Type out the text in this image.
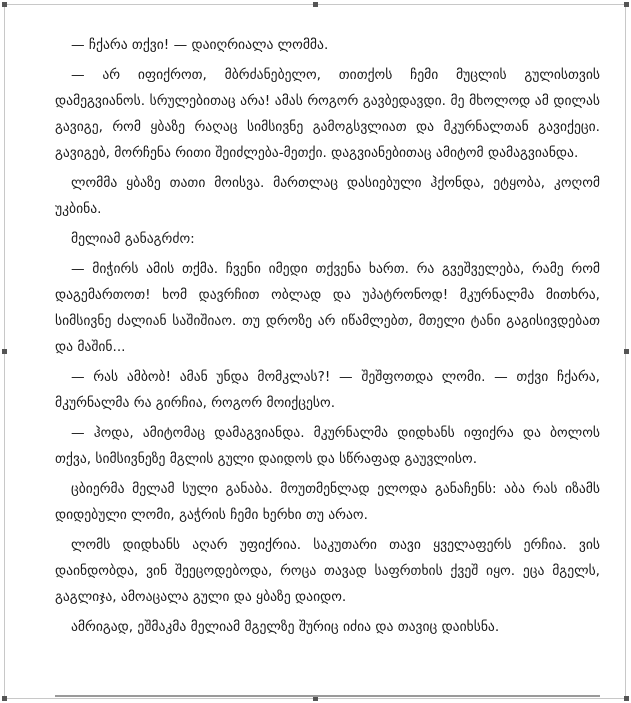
— ჩქარა თქვი! — დაიღრიალა ლომმა.

— არ იფიქროთ, მბრძანებელო, თითქოს ჩემი მუცლის გულისთვის დამეგვიანოს. სრულებითაც არა! ამას როგორ გავბედავდი. მე მხოლოდ ამ დილას გავიგე, რომ ყბაზე რაღაც სიმსივნე გამოგსვლიათ და მკურნალთან გავიქეცი. გავიგებ, მორჩენა რითი შეიძლება-მეთქი. დაგვიანებითაც ამიტომ დამაგვიანდა.

ლომმა ყბაზე თათი მოისვა. მართლაც დასიებული ჰქონდა, ეტყობა, კოღომ უკბინა.

მელიამ განაგრძო:

— მიჭირს ამის თქმა. ჩვენი იმედი თქვენა ხართ. რა გვეშველება, რამე რომ დაგემართოთ! ხომ დავრჩით ობლად და უპატრონოდ! მკურნალმა მითხრა, სიმსივნე ძალიან საშიშიაო. თუ დროზე არ იწამლებთ, მთელი ტანი გაგისივდებათ და მაშინ...

— რას ამბობ! ამან უნდა მომკლას?! — შეშფოთდა ლომი. — თქვი ჩქარა, მკურნალმა რა გირჩია, როგორ მოიქცესო.

— ჰოდა, ამიტომაც დამაგვიანდა. მკურნალმა დიდხანს იფიქრა და ბოლოს თქვა, სიმსივნეზე მგლის გული დაიდოს და სწრაფად გაუვლისო.

ცბიერმა მელამ სული განაბა. მოუთმენლად ელოდა განაჩენს: აბა რას იზამს დიდებული ლომი, გაჭრის ჩემი ხერხი თუ არაო.

ლომს დიდხანს აღარ უფიქრია. საკუთარი თავი ყველაფერს ერჩია. ვის დაინდობდა, ვინ შეეცოდებოდა, როცა თავად საფრთხის ქვეშ იყო. ეცა მგელს, გაგლიჯა, ამოაცალა გული და ყბაზე დაიდო.

ამრიგად, ეშმაკმა მელიამ მგელზე შურიც იძია და თავიც დაიხსნა.
